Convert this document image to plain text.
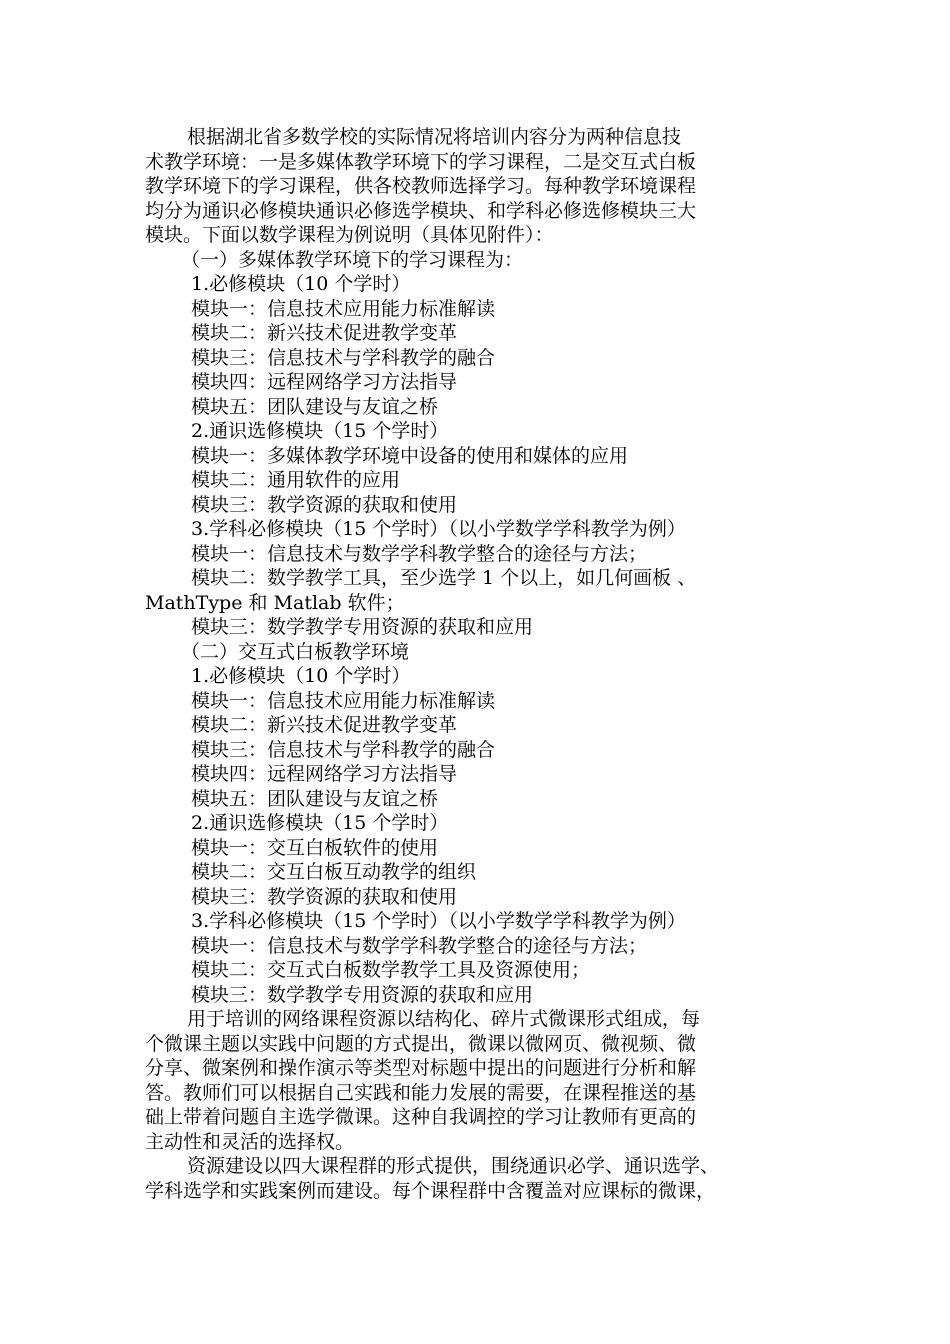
根据湖北省多数学校的实际情况将培训内容分为两种信息技
术教学环境：一是多媒体教学环境下的学习课程，二是交互式白板
教学环境下的学习课程，供各校教师选择学习。每种教学环境课程
均分为通识必修模块通识必修选学模块、和学科必修选修模块三大
模块。下面以数学课程为例说明（具体见附件）：
（一）多媒体教学环境下的学习课程为：
1.必修模块（10 个学时）
模块一：信息技术应用能力标准解读
模块二：新兴技术促进教学变革
模块三：信息技术与学科教学的融合
模块四：远程网络学习方法指导
模块五：团队建设与友谊之桥
2.通识选修模块（15 个学时）
模块一：多媒体教学环境中设备的使用和媒体的应用
模块二：通用软件的应用
模块三：教学资源的获取和使用
3.学科必修模块（15 个学时）（以小学数学学科教学为例）
模块一：信息技术与数学学科教学整合的途径与方法；
模块二：数学教学工具，至少选学 1 个以上，如几何画板 、
MathType 和 Matlab 软件；
模块三：数学教学专用资源的获取和应用
（二）交互式白板教学环境
1.必修模块（10 个学时）
模块一：信息技术应用能力标准解读
模块二：新兴技术促进教学变革
模块三：信息技术与学科教学的融合
模块四：远程网络学习方法指导
模块五：团队建设与友谊之桥
2.通识选修模块（15 个学时）
模块一：交互白板软件的使用
模块二：交互白板互动教学的组织
模块三：教学资源的获取和使用
3.学科必修模块（15 个学时）（以小学数学学科教学为例）
模块一：信息技术与数学学科教学整合的途径与方法；
模块二：交互式白板数学教学工具及资源使用；
模块三：数学教学专用资源的获取和应用
用于培训的网络课程资源以结构化、碎片式微课形式组成，每
个微课主题以实践中问题的方式提出，微课以微网页、微视频、微
分享、微案例和操作演示等类型对标题中提出的问题进行分析和解
答。教师们可以根据自己实践和能力发展的需要，在课程推送的基
础上带着问题自主选学微课。这种自我调控的学习让教师有更高的
主动性和灵活的选择权。
资源建设以四大课程群的形式提供，围绕通识必学、通识选学、
学科选学和实践案例而建设。每个课程群中含覆盖对应课标的微课，
